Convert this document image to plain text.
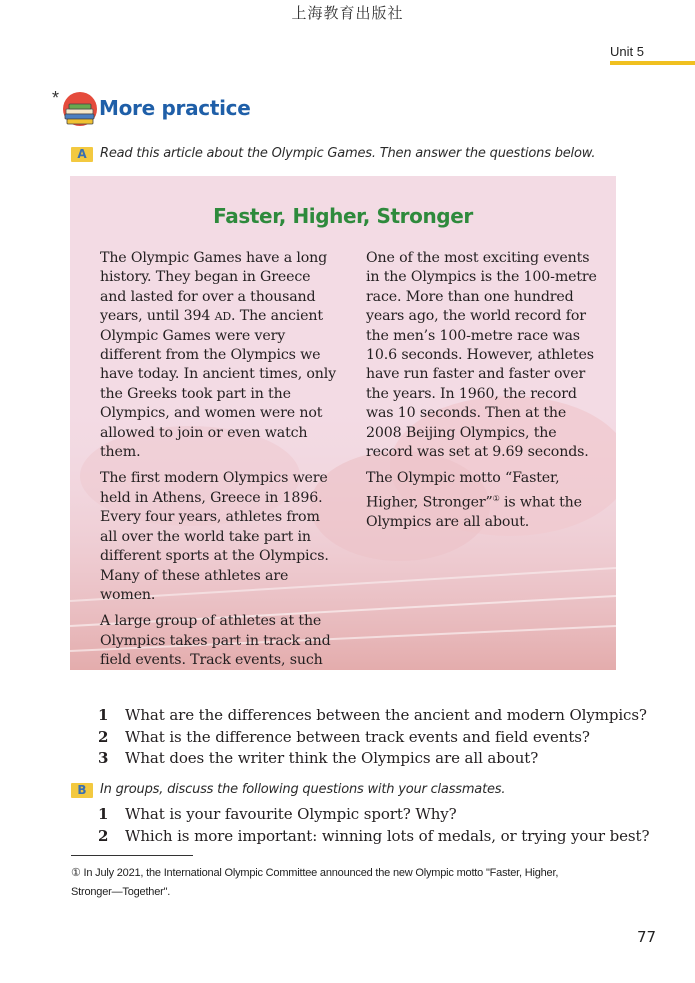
上海教育出版社
Unit 5
* More practice
A	Read this article about the Olympic Games. Then answer the questions below.
Faster, Higher, Stronger

The Olympic Games have a long history. They began in Greece and lasted for over a thousand years, until 394 AD. The ancient Olympic Games were very different from the Olympics we have today. In ancient times, only the Greeks took part in the Olympics, and women were not allowed to join or even watch them.

The first modern Olympics were held in Athens, Greece in 1896. Every four years, athletes from all over the world take part in different sports at the Olympics. Many of these athletes are women.

A large group of athletes at the Olympics takes part in track and field events. Track events, such

One of the most exciting events in the Olympics is the 100-metre race. More than one hundred years ago, the world record for the men’s 100-metre race was 10.6 seconds. However, athletes have run faster and faster over the years. In 1960, the record was 10 seconds. Then at the 2008 Beijing Olympics, the record was set at 9.69 seconds.

The Olympic motto “Faster, Higher, Stronger”① is what the Olympics are all about.

1 What are the differences between the ancient and modern Olympics?
2 What is the difference between track events and field events?
3 What does the writer think the Olympics are all about?
B	In groups, discuss the following questions with your classmates.
1 What is your favourite Olympic sport? Why?
2 Which is more important: winning lots of medals, or trying your best?
① In July 2021, the International Olympic Committee announced the new Olympic motto "Faster, Higher,
Stronger—Together".
77
